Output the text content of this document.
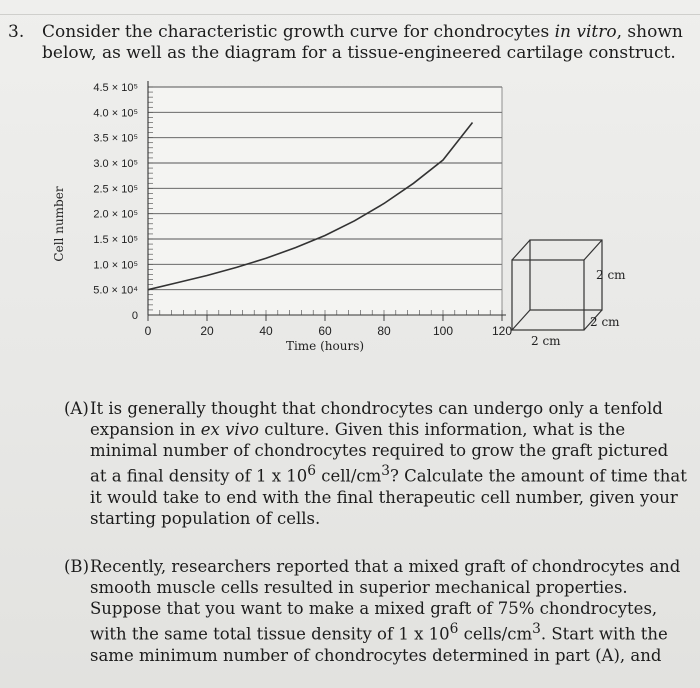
3. Consider the characteristic growth curve for chondrocytes in vitro, shown
below, as well as the diagram for a tissue-engineered cartilage construct.
0
5.0 × 10⁴
1.0 × 10⁵
1.5 × 10⁵
2.0 × 10⁵
2.5 × 10⁵
3.0 × 10⁵
3.5 × 10⁵
4.0 × 10⁵
4.5 × 10⁵
0	20	40	60	80	100	120
Cell number
Time (hours)
2 cm
2 cm
2 cm
(A) It is generally thought that chondrocytes can undergo only a tenfold expansion in ex vivo culture. Given this information, what is the minimal number of chondrocytes required to grow the graft pictured at a final density of 1 x $10^6$ cell/$cm^3$? Calculate the amount of time that it would take to end with the final therapeutic cell number, given your starting population of cells.
(B) Recently, researchers reported that a mixed graft of chondrocytes and smooth muscle cells resulted in superior mechanical properties. Suppose that you want to make a mixed graft of 75% chondrocytes, with the same total tissue density of 1 x $10^6$ cells/$cm^3$. Start with the same minimum number of chondrocytes determined in part (A), and
